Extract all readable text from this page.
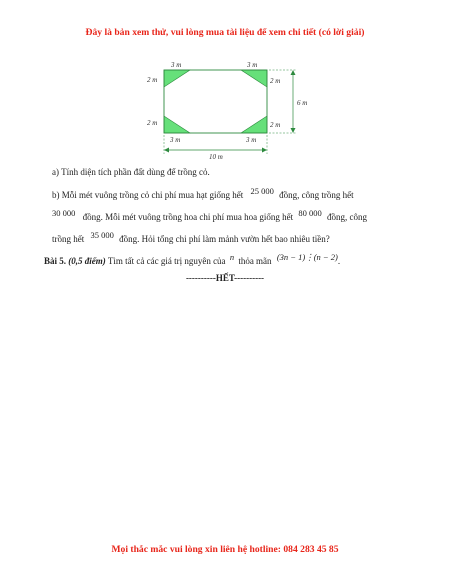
Đây là bản xem thử, vui lòng mua tài liệu để xem chi tiết (có lời giải)
3 m	3 m
2 m
2 m
2 m
2 m
3 m	3 m
10 m
6 m
a) Tính diện tích phần đất dùng để trồng cỏ.
b) Mỗi mét vuông trồng cỏ chi phí mua hạt giống hết 25 000 đồng, công trồng hết
30 000 đồng. Mỗi mét vuông trồng hoa chi phí mua hoa giống hết 80 000 đồng, công
trồng hết 35 000 đồng. Hỏi tổng chi phí làm mảnh vườn hết bao nhiêu tiền?
Bài 5. (0,5 điểm) Tìm tất cả các giá trị nguyên của n thỏa mãn (3n − 1)⋮(n − 2).
----------HẾT----------
Mọi thắc mắc vui lòng xin liên hệ hotline: 084 283 45 85
